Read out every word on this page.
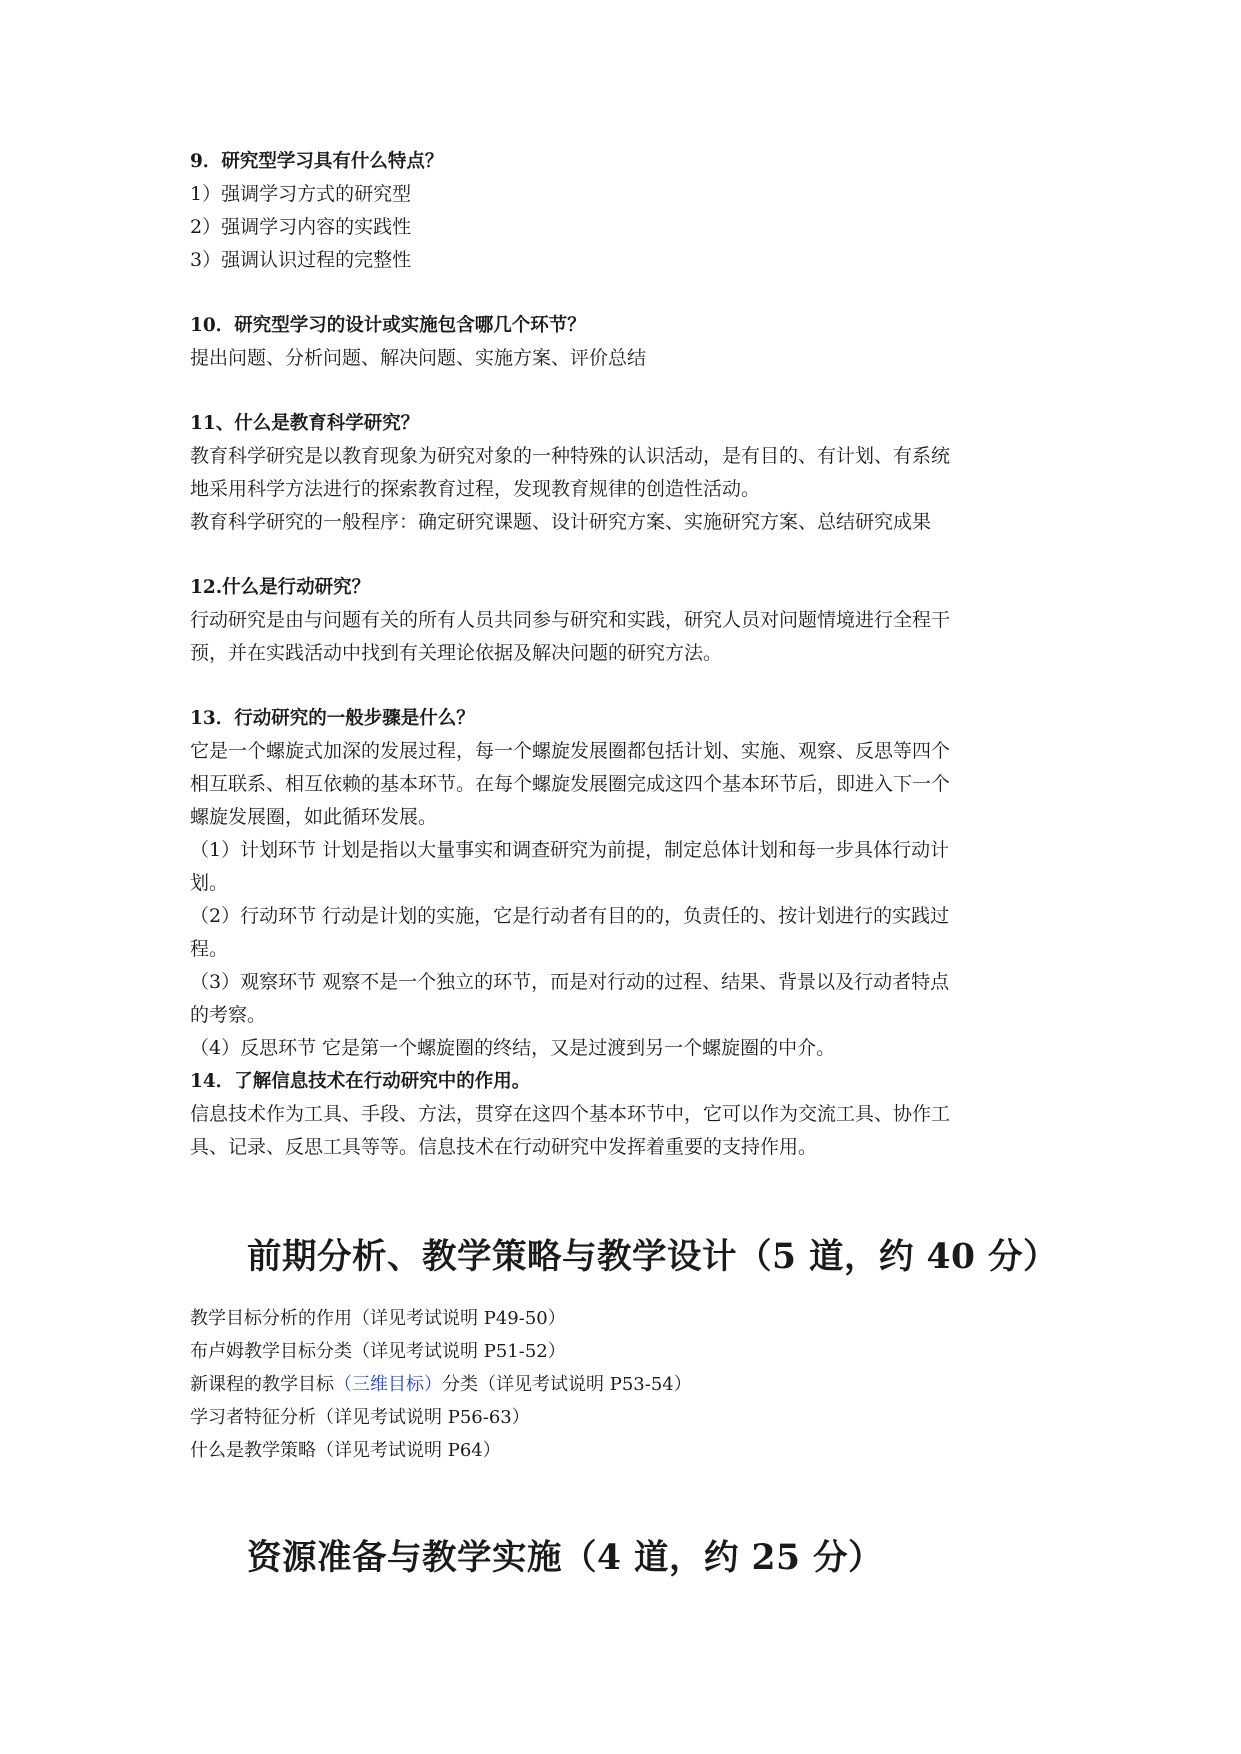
9．研究型学习具有什么特点？

1）强调学习方式的研究型

2）强调学习内容的实践性

3）强调认识过程的完整性

10．研究型学习的设计或实施包含哪几个环节？

提出问题、分析问题、解决问题、实施方案、评价总结

11、什么是教育科学研究？

教育科学研究是以教育现象为研究对象的一种特殊的认识活动，是有目的、有计划、有系统

地采用科学方法进行的探索教育过程，发现教育规律的创造性活动。

教育科学研究的一般程序：确定研究课题、设计研究方案、实施研究方案、总结研究成果

12.什么是行动研究？

行动研究是由与问题有关的所有人员共同参与研究和实践，研究人员对问题情境进行全程干

预，并在实践活动中找到有关理论依据及解决问题的研究方法。

13．行动研究的一般步骤是什么？

它是一个螺旋式加深的发展过程，每一个螺旋发展圈都包括计划、实施、观察、反思等四个

相互联系、相互依赖的基本环节。在每个螺旋发展圈完成这四个基本环节后，即进入下一个

螺旋发展圈，如此循环发展。

（1）计划环节 计划是指以大量事实和调查研究为前提，制定总体计划和每一步具体行动计

划。

（2）行动环节 行动是计划的实施，它是行动者有目的的，负责任的、按计划进行的实践过

程。

（3）观察环节 观察不是一个独立的环节，而是对行动的过程、结果、背景以及行动者特点

的考察。

（4）反思环节 它是第一个螺旋圈的终结，又是过渡到另一个螺旋圈的中介。

14．了解信息技术在行动研究中的作用。

信息技术作为工具、手段、方法，贯穿在这四个基本环节中，它可以作为交流工具、协作工

具、记录、反思工具等等。信息技术在行动研究中发挥着重要的支持作用。

前期分析、教学策略与教学设计（5 道，约 40 分）

教学目标分析的作用（详见考试说明 P49-50）

布卢姆教学目标分类（详见考试说明 P51-52）

新课程的教学目标（三维目标）分类（详见考试说明 P53-54）

学习者特征分析（详见考试说明 P56-63）

什么是教学策略（详见考试说明 P64）

资源准备与教学实施（4 道，约 25 分）
